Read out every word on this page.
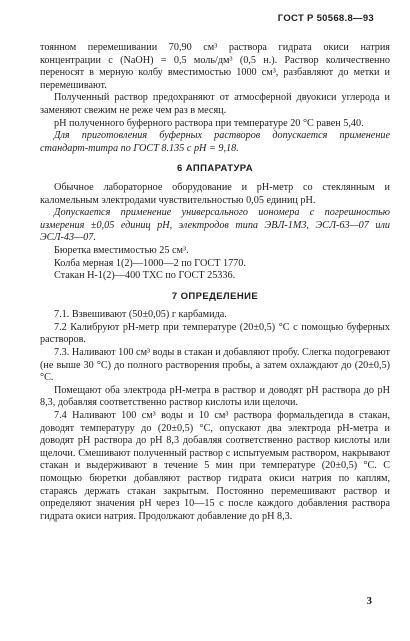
ГОСТ Р 50568.8—93

тоянном перемешивании 70,90 см³ раствора гидрата окиси натрия концентрации с (NaOH) = 0,5 моль/дм³ (0,5 н.). Раствор количественно переносят в мерную колбу вместимостью 1000 см³, разбавляют до метки и перемешивают.

Полученный раствор предохраняют от атмосферной двуокиси углерода и заменяют свежим не реже чем раз в месяц.

pH полученного буферного раствора при температуре 20 °С равен 5,40.

Для приготовления буферных растворов допускается применение стандарт-титра по ГОСТ 8.135 с pH = 9,18.

6 АППАРАТУРА

Обычное лабораторное оборудование и pH-метр со стеклянным и каломельным электродами чувствительностью 0,05 единиц pH.

Допускается применение универсального иономера с погрешностью измерения ±0,05 единиц pH, электродов типа ЭВЛ-1М3, ЭСЛ-63—07 или ЭСЛ-43—07.

Бюретка вместимостью 25 см³.

Колба мерная 1(2)—1000—2 по ГОСТ 1770.

Стакан Н-1(2)—400 ТХС по ГОСТ 25336.

7 ОПРЕДЕЛЕНИЕ

7.1. Взвешивают (50±0,05) г карбамида.

7.2 Калибруют pH-метр при температуре (20±0,5) °С с помощью буферных растворов.

7.3. Наливают 100 см³ воды в стакан и добавляют пробу. Слегка подогревают (не выше 30 °С) до полного растворения пробы, а затем охлаждают до (20±0,5)°С.

Помещают оба электрода pH-метра в раствор и доводят pH раствора до pH 8,3, добавляя соответственно раствор кислоты или щелочи.

7.4 Наливают 100 см³ воды и 10 см³ раствора формальдегида в стакан, доводят температуру до (20±0,5) °С, опускают два электрода pH-метра и доводят pH раствора до pH 8,3 добавляя соответственно раствор кислоты или щелочи. Смешивают полученный раствор с испытуемым раствором, накрывают стакан и выдерживают в течение 5 мин при температуре (20±0,5) °С. С помощью бюретки добавляют раствор гидрата окиси натрия по каплям, стараясь держать стакан закрытым. Постоянно перемешивают раствор и определяют значения pH через 10—15 с после каждого добавления раствора гидрата окиси натрия. Продолжают добавление до pH 8,3.

3
